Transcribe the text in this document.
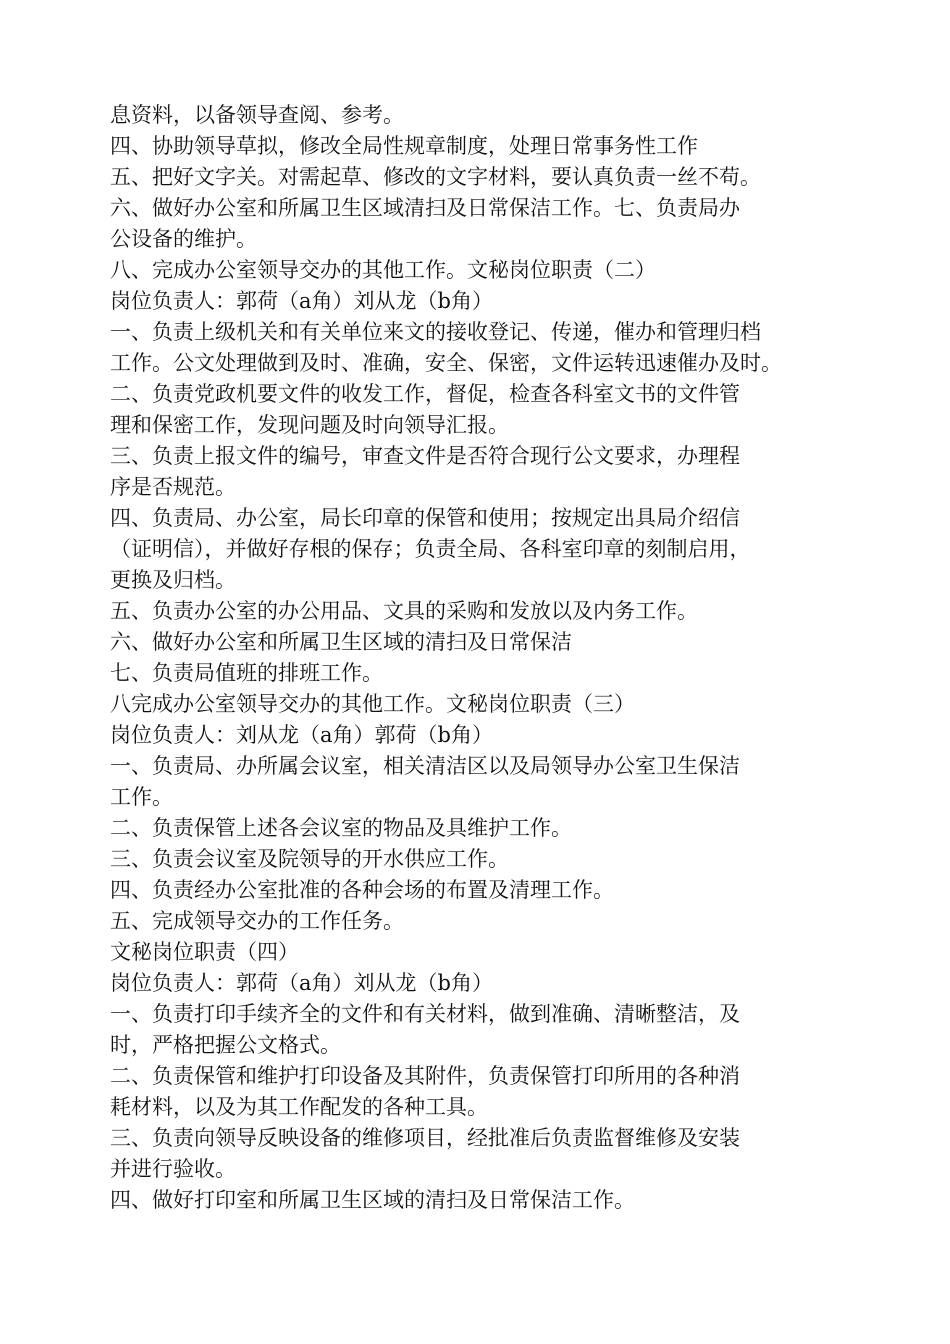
息资料，以备领导查阅、参考。
四、协助领导草拟，修改全局性规章制度，处理日常事务性工作
五、把好文字关。对需起草、修改的文字材料，要认真负责一丝不苟。
六、做好办公室和所属卫生区域清扫及日常保洁工作。七、负责局办
公设备的维护。
八、完成办公室领导交办的其他工作。文秘岗位职责（二）
岗位负责人：郭荷（a角）刘从龙（b角）
一、负责上级机关和有关单位来文的接收登记、传递，催办和管理归档
工作。公文处理做到及时、准确，安全、保密，文件运转迅速催办及时。
二、负责党政机要文件的收发工作，督促，检查各科室文书的文件管
理和保密工作，发现问题及时向领导汇报。
三、负责上报文件的编号，审查文件是否符合现行公文要求，办理程
序是否规范。
四、负责局、办公室，局长印章的保管和使用；按规定出具局介绍信
（证明信），并做好存根的保存；负责全局、各科室印章的刻制启用，
更换及归档。
五、负责办公室的办公用品、文具的采购和发放以及内务工作。
六、做好办公室和所属卫生区域的清扫及日常保洁
七、负责局值班的排班工作。
八完成办公室领导交办的其他工作。文秘岗位职责（三）
岗位负责人：刘从龙（a角）郭荷（b角）
一、负责局、办所属会议室，相关清洁区以及局领导办公室卫生保洁
工作。
二、负责保管上述各会议室的物品及具维护工作。
三、负责会议室及院领导的开水供应工作。
四、负责经办公室批准的各种会场的布置及清理工作。
五、完成领导交办的工作任务。
文秘岗位职责（四）
岗位负责人：郭荷（a角）刘从龙（b角）
一、负责打印手续齐全的文件和有关材料，做到准确、清晰整洁，及
时，严格把握公文格式。
二、负责保管和维护打印设备及其附件，负责保管打印所用的各种消
耗材料，以及为其工作配发的各种工具。
三、负责向领导反映设备的维修项目，经批准后负责监督维修及安装
并进行验收。
四、做好打印室和所属卫生区域的清扫及日常保洁工作。
